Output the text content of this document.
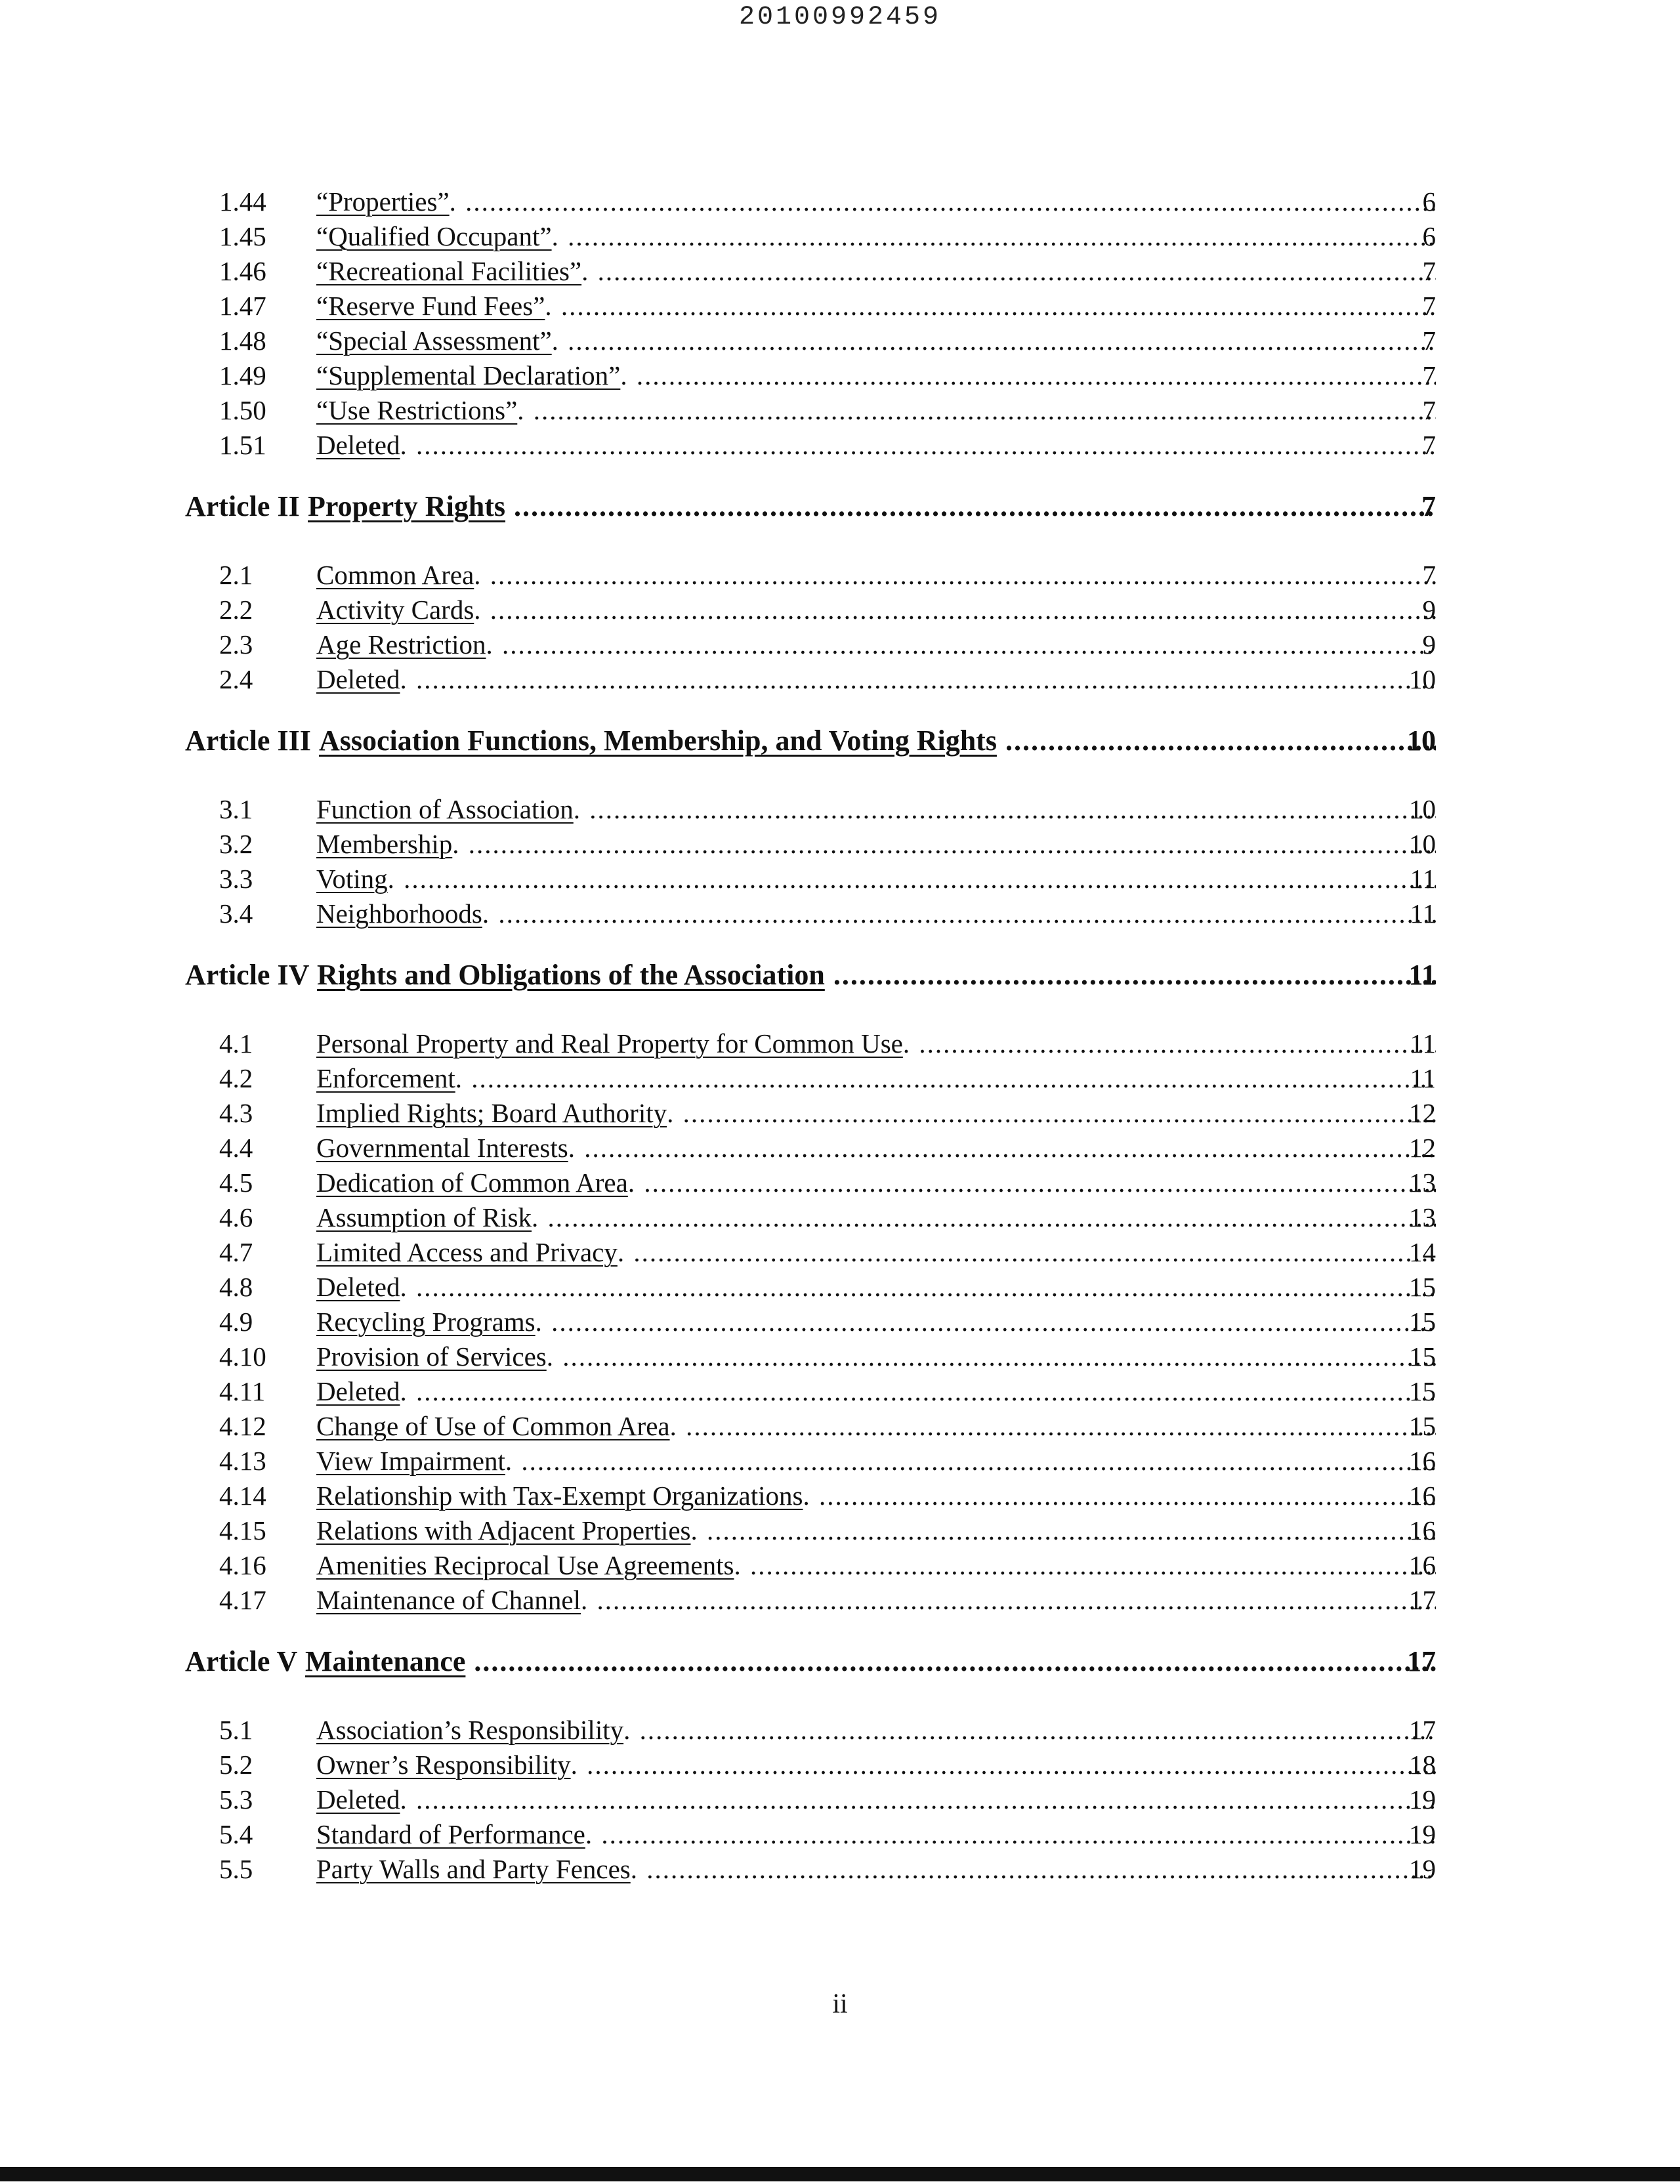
20100992459
1.44 “Properties”. .....	6
1.45 “Qualified Occupant”. .....	6
1.46 “Recreational Facilities”. .....	7
1.47 “Reserve Fund Fees”. .....	7
1.48 “Special Assessment”. .....	7
1.49 “Supplemental Declaration”. .....	7
1.50 “Use Restrictions”. .....	7
1.51 Deleted. .....	7
Article II Property Rights .....	7
2.1 Common Area. .....	7
2.2 Activity Cards. .....	9
2.3 Age Restriction. .....	9
2.4 Deleted. .....	10
Article III Association Functions, Membership, and Voting Rights .....	10
3.1 Function of Association. .....	10
3.2 Membership. .....	10
3.3 Voting. .....	11
3.4 Neighborhoods. .....	11
Article IV Rights and Obligations of the Association .....	11
4.1 Personal Property and Real Property for Common Use. .....	11
4.2 Enforcement. .....	11
4.3 Implied Rights; Board Authority. .....	12
4.4 Governmental Interests. .....	12
4.5 Dedication of Common Area. .....	13
4.6 Assumption of Risk. .....	13
4.7 Limited Access and Privacy. .....	14
4.8 Deleted. .....	15
4.9 Recycling Programs. .....	15
4.10 Provision of Services. .....	15
4.11 Deleted. .....	15
4.12 Change of Use of Common Area. .....	15
4.13 View Impairment. .....	16
4.14 Relationship with Tax-Exempt Organizations. .....	16
4.15 Relations with Adjacent Properties. .....	16
4.16 Amenities Reciprocal Use Agreements. .....	16
4.17 Maintenance of Channel. .....	17
Article V Maintenance .....	17
5.1 Association’s Responsibility. .....	17
5.2 Owner’s Responsibility. .....	18
5.3 Deleted. .....	19
5.4 Standard of Performance. .....	19
5.5 Party Walls and Party Fences. .....	19
ii
